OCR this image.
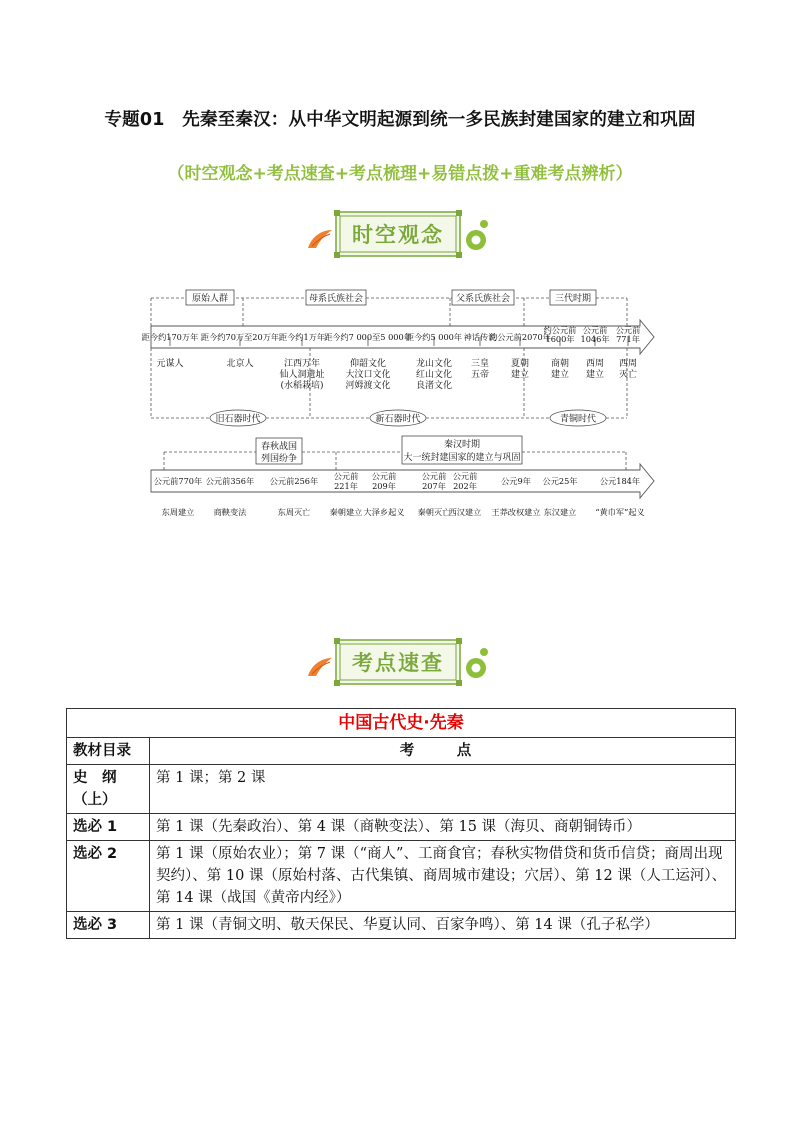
专题01　先秦至秦汉：从中华文明起源到统一多民族封建国家的建立和巩固
（时空观念+考点速查+考点梳理+易错点拨+重难考点辨析）
时空观念
原始人群	母系氏族社会	父系氏族社会	三代时期
距今约170万年 距今约70万至20万年 距今约1万年 距今约7 000至5 000年
距今约5 000年 神话传说
约公元前2070年
约公元前
1600年
公元前
1046年
公元前
771年
元谋人	北京人	江西万年
仙人洞遗址
(水稻栽培)
仰韶文化
大汶口文化
河姆渡文化
龙山文化
红山文化
良渚文化
三皇
五帝
夏朝
建立
商朝
建立
西周
建立
西周
灭亡
旧石器时代	新石器时代	青铜时代
春秋战国
列国纷争
秦汉时期
大一统封建国家的建立与巩固
公元前770年 公元前356年 公元前256年 公元前
221年
公元前
209年
公元前
207年
公元前
202年	公元9年 公元25年	公元184年
东周建立 商鞅变法	东周灭亡 秦朝建立 大泽乡起义 秦朝灭亡
西汉建立 王莽改权建立 东汉建立 “黄巾军”起义
考点速查
中国古代史·先秦	
教材目录	考　点

史　纲
（上）	第 1 课；第 2 课
选必 1	第 1 课（先秦政治）、第 4 课（商鞅变法）、第 15 课（海贝、商朝铜铸币）
选必 2	第 1 课（原始农业）；第 7 课（“商人”、工商食官；春秋实物借贷和货币信贷；商周出现契约）、第 10 课（原始村落、古代集镇、商周城市建设；穴居）、第 12 课（人工运河）、第 14 课（战国《黄帝内经》）
选必 3	第 1 课（青铜文明、敬天保民、华夏认同、百家争鸣）、第 14 课（孔子私学）
